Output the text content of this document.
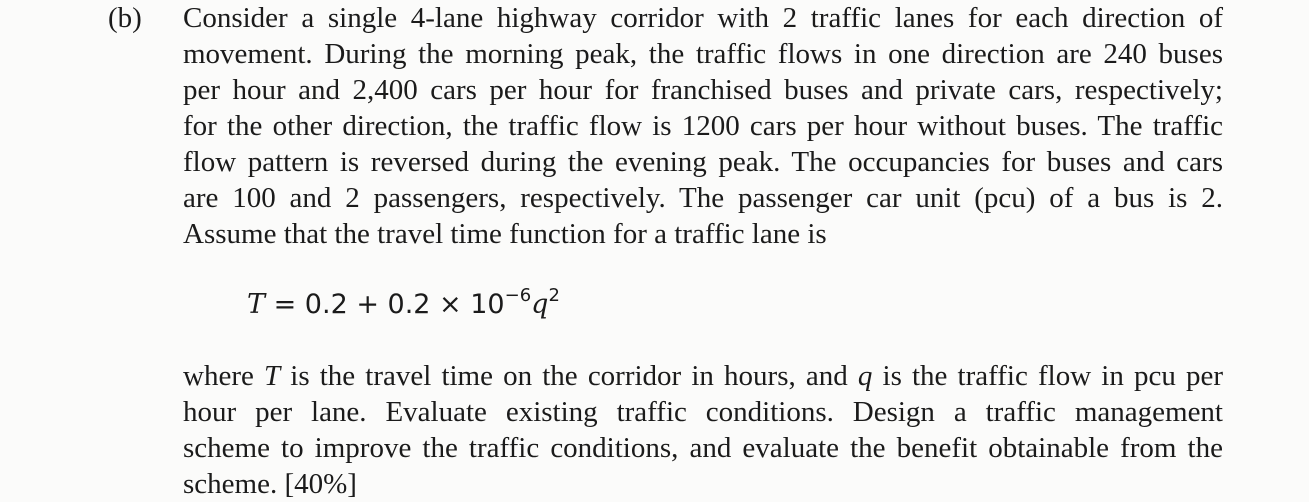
(b) Consider a single 4-lane highway corridor with 2 traffic lanes for each direction of
movement. During the morning peak, the traffic flows in one direction are 240 buses
per hour and 2,400 cars per hour for franchised buses and private cars, respectively;
for the other direction, the traffic flow is 1200 cars per hour without buses. The traffic
flow pattern is reversed during the evening peak. The occupancies for buses and cars
are 100 and 2 passengers, respectively. The passenger car unit (pcu) of a bus is 2.
Assume that the travel time function for a traffic lane is

$T = 0.2 + 0.2 \times 10^{-6}q^2$

where T is the travel time on the corridor in hours, and q is the traffic flow in pcu per
hour per lane. Evaluate existing traffic conditions. Design a traffic management
scheme to improve the traffic conditions, and evaluate the benefit obtainable from the
scheme. [40%]
